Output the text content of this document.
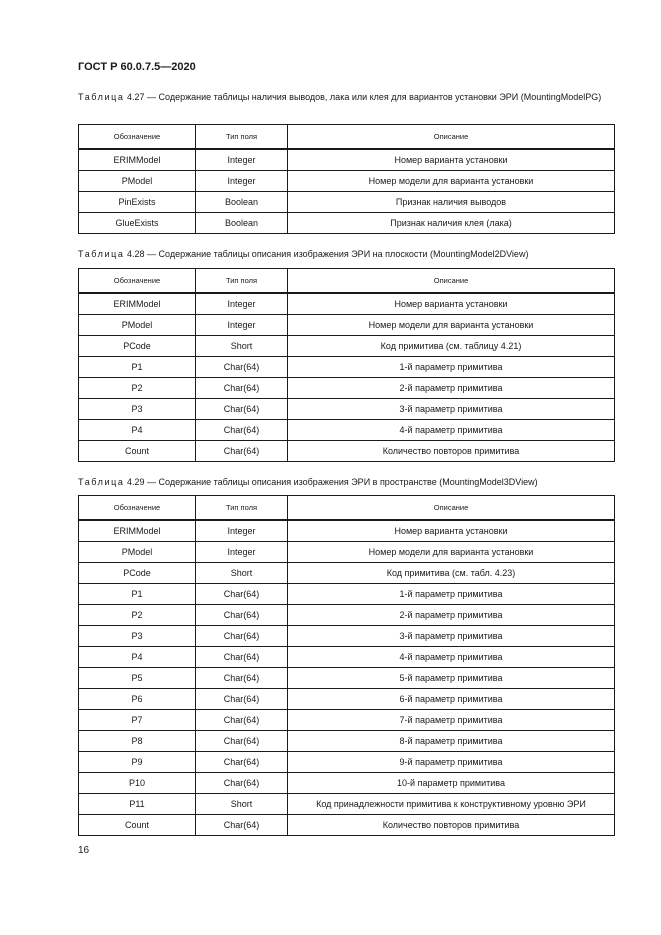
ГОСТ Р 60.0.7.5—2020
Таблица 4.27 — Содержание таблицы наличия выводов, лака или клея для вариантов установки ЭРИ (MountingModelPG)
Обозначение	Тип поля	Описание
ERIMModel	Integer	Номер варианта установки
PModel	Integer	Номер модели для варианта установки
PinExists	Boolean	Признак наличия выводов
GlueExists	Boolean	Признак наличия клея (лака)
Таблица 4.28 — Содержание таблицы описания изображения ЭРИ на плоскости (MountingModel2DView)
Обозначение	Тип поля	Описание
ERIMModel	Integer	Номер варианта установки
PModel	Integer	Номер модели для варианта установки
PCode	Short	Код примитива (см. таблицу 4.21)
P1	Char(64)	1-й параметр примитива
P2	Char(64)	2-й параметр примитива
P3	Char(64)	3-й параметр примитива
P4	Char(64)	4-й параметр примитива
Count	Char(64)	Количество повторов примитива
Таблица 4.29 — Содержание таблицы описания изображения ЭРИ в пространстве (MountingModel3DView)
Обозначение	Тип поля	Описание
ERIMModel	Integer	Номер варианта установки
PModel	Integer	Номер модели для варианта установки
PCode	Short	Код примитива (см. табл. 4.23)
P1	Char(64)	1-й параметр примитива
P2	Char(64)	2-й параметр примитива
P3	Char(64)	3-й параметр примитива
P4	Char(64)	4-й параметр примитива
P5	Char(64)	5-й параметр примитива
P6	Char(64)	6-й параметр примитива
P7	Char(64)	7-й параметр примитива
P8	Char(64)	8-й параметр примитива
P9	Char(64)	9-й параметр примитива
P10	Char(64)	10-й параметр примитива
P11	Short	Код принадлежности примитива к конструктивному уровню ЭРИ
Count	Char(64)	Количество повторов примитива
16
